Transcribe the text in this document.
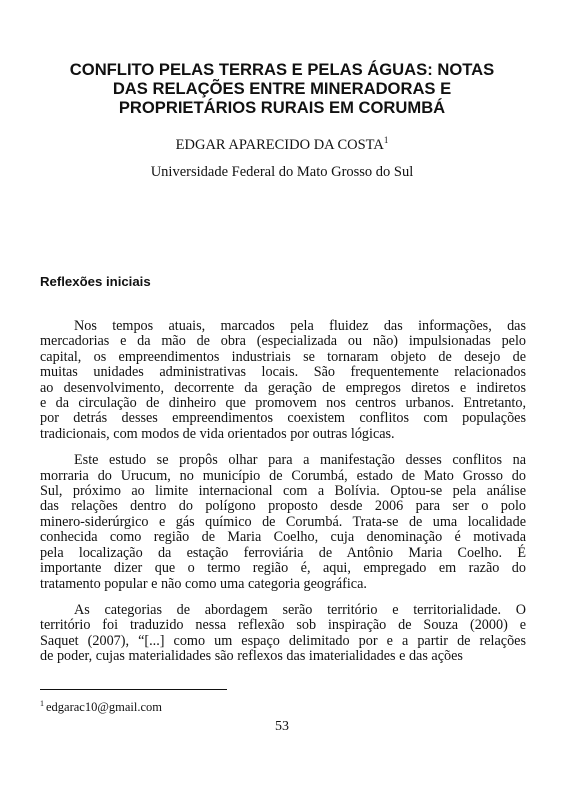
CONFLITO PELAS TERRAS E PELAS ÁGUAS: NOTAS
DAS RELAÇÕES ENTRE MINERADORAS E
PROPRIETÁRIOS RURAIS EM CORUMBÁ
EDGAR APARECIDO DA COSTA$^1$
Universidade Federal do Mato Grosso do Sul
Reflexões iniciais

Nos tempos atuais, marcados pela fluidez das informações, das
mercadorias e da mão de obra (especializada ou não) impulsionadas pelo
capital, os empreendimentos industriais se tornaram objeto de desejo de
muitas unidades administrativas locais. São frequentemente relacionados
ao desenvolvimento, decorrente da geração de empregos diretos e indiretos
e da circulação de dinheiro que promovem nos centros urbanos. Entretanto,
por detrás desses empreendimentos coexistem conflitos com populações
tradicionais, com modos de vida orientados por outras lógicas.

Este estudo se propôs olhar para a manifestação desses conflitos na
morraria do Urucum, no município de Corumbá, estado de Mato Grosso do
Sul, próximo ao limite internacional com a Bolívia. Optou-se pela análise
das relações dentro do polígono proposto desde 2006 para ser o polo
minero-siderúrgico e gás químico de Corumbá. Trata-se de uma localidade
conhecida como região de Maria Coelho, cuja denominação é motivada
pela localização da estação ferroviária de Antônio Maria Coelho. É
importante dizer que o termo região é, aqui, empregado em razão do
tratamento popular e não como uma categoria geográfica.

As categorias de abordagem serão território e territorialidade. O
território foi traduzido nessa reflexão sob inspiração de Souza (2000) e
Saquet (2007), “[...] como um espaço delimitado por e a partir de relações
de poder, cujas materialidades são reflexos das imaterialidades e das ações

$^1$ edgarac10@gmail.com
53
